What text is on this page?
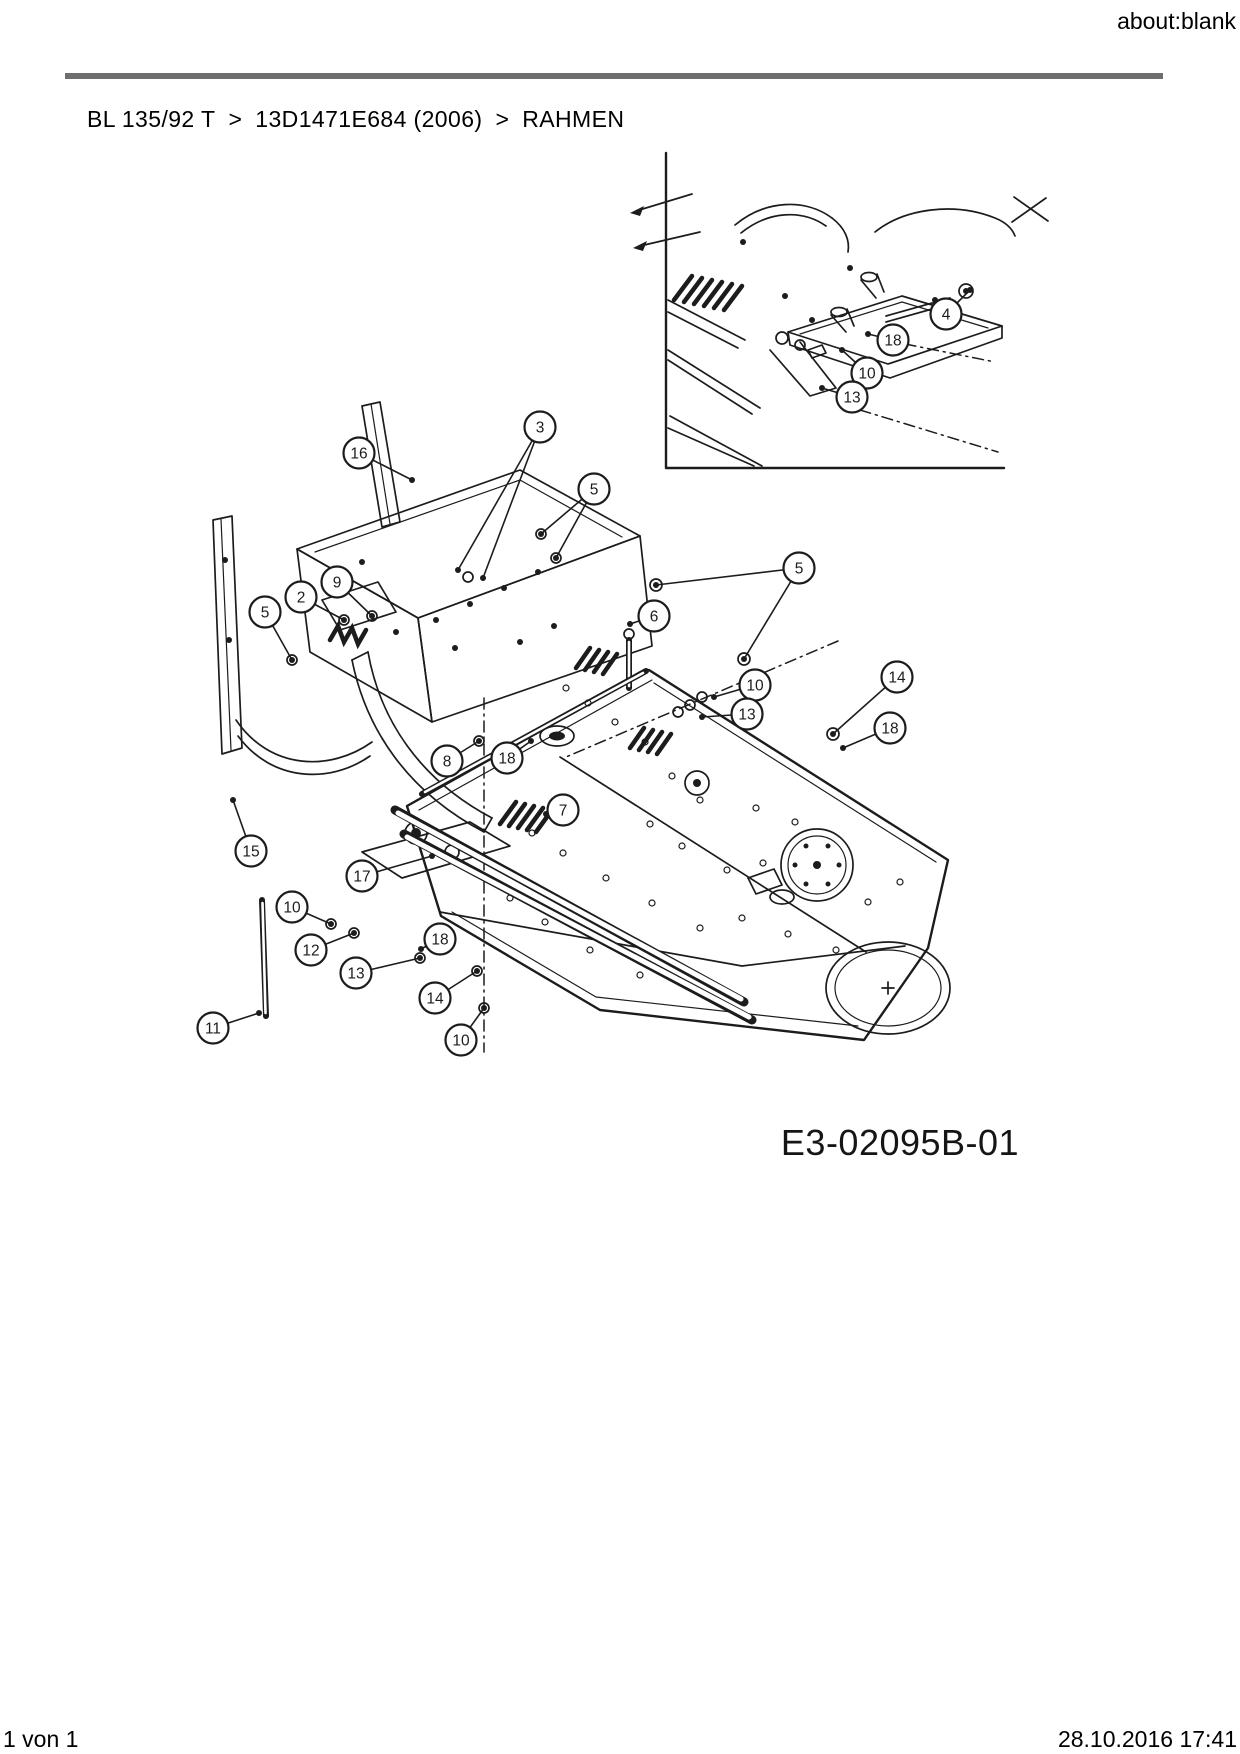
about:blank
BL 135/92 T > 13D1471E684 (2006) > RAHMEN
4
18
10
13
3
16
5
5
2
9
6
5
10
13
14
18
8	18
7
15
17
10
12
13
18
14
10
11
E3-02095B-01
1 von 1	28.10.2016 17:41
